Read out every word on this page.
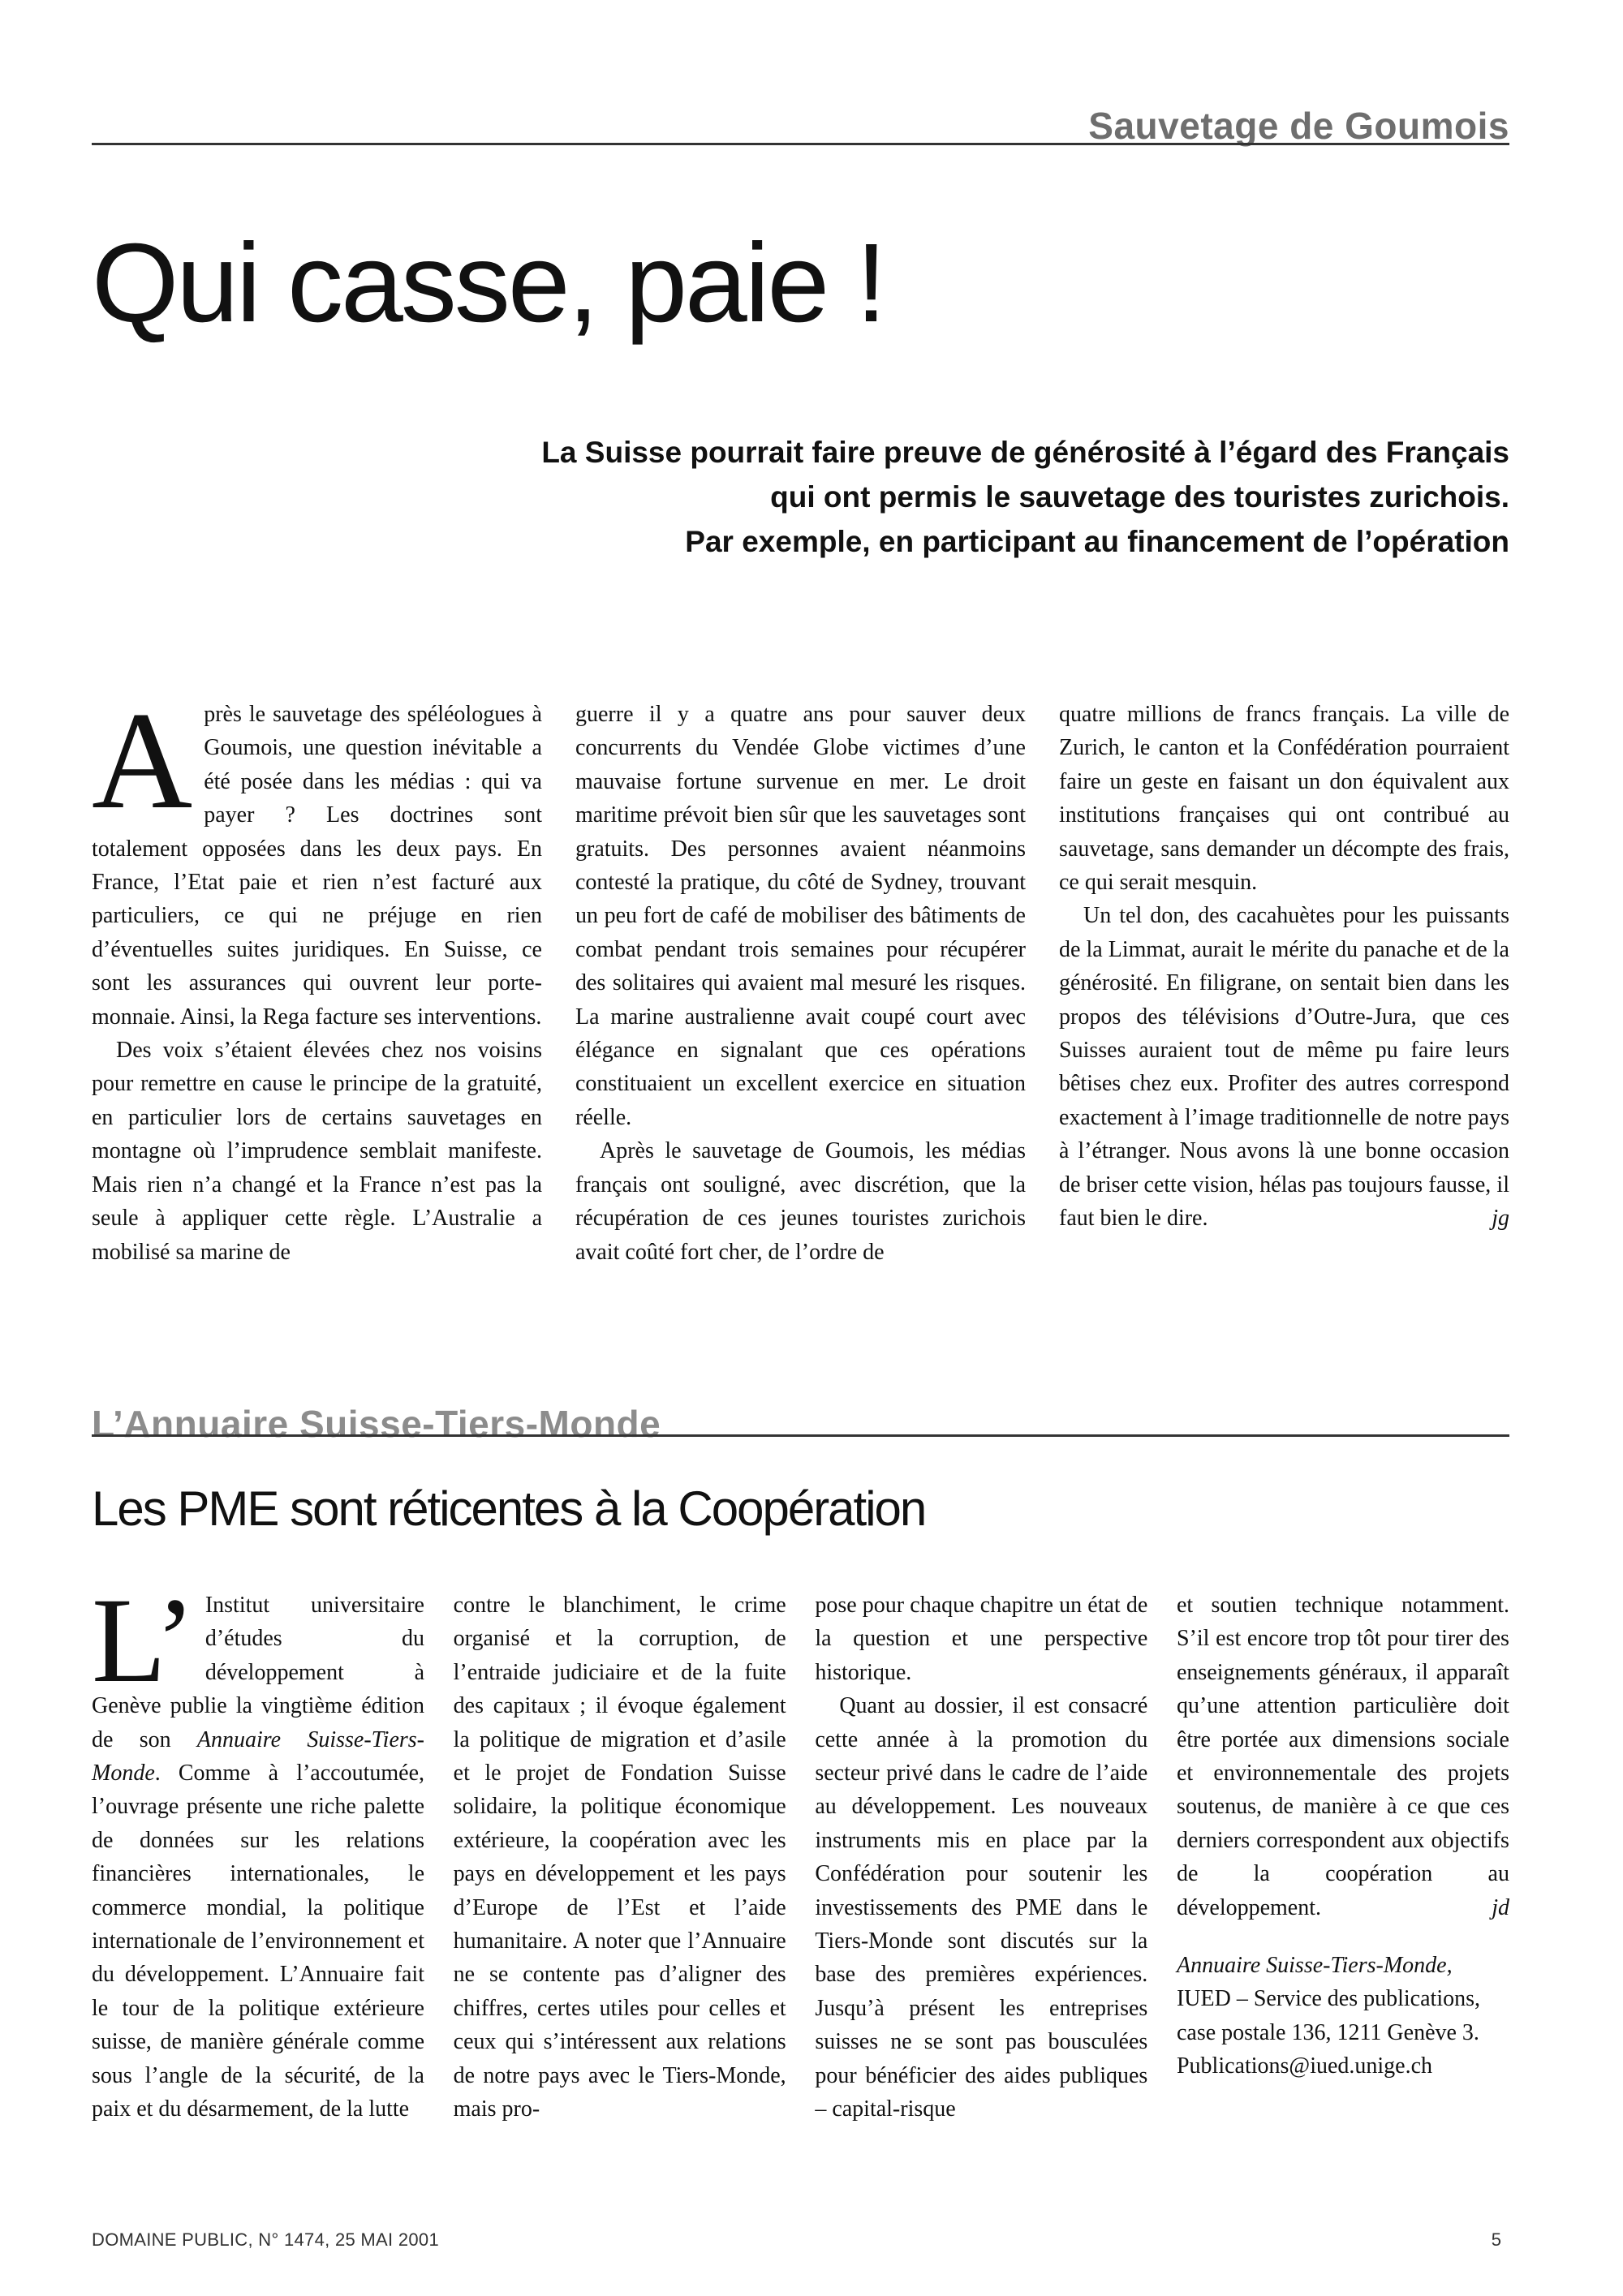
Sauvetage de Goumois
Qui casse, paie !
La Suisse pourrait faire preuve de générosité à l’égard des Français
qui ont permis le sauvetage des touristes zurichois.
Par exemple, en participant au financement de l’opération

Après le sauvetage des spéléologues à Goumois, une question inévitable a été posée dans les médias : qui va payer ? Les doctrines sont totalement opposées dans les deux pays. En France, l’Etat paie et rien n’est facturé aux particuliers, ce qui ne préjuge en rien d’éventuelles suites juridiques. En Suisse, ce sont les assurances qui ouvrent leur porte-monnaie. Ainsi, la Rega facture ses interventions.

Des voix s’étaient élevées chez nos voisins pour remettre en cause le principe de la gratuité, en particulier lors de certains sauvetages en montagne où l’imprudence semblait manifeste. Mais rien n’a changé et la France n’est pas la seule à appliquer cette règle. L’Australie a mobilisé sa marine de

guerre il y a quatre ans pour sauver deux concurrents du Vendée Globe victimes d’une mauvaise fortune survenue en mer. Le droit maritime prévoit bien sûr que les sauvetages sont gratuits. Des personnes avaient néanmoins contesté la pratique, du côté de Sydney, trouvant un peu fort de café de mobiliser des bâtiments de combat pendant trois semaines pour récupérer des solitaires qui avaient mal mesuré les risques. La marine australienne avait coupé court avec élégance en signalant que ces opérations constituaient un excellent exercice en situation réelle.

Après le sauvetage de Goumois, les médias français ont souligné, avec discrétion, que la récupération de ces jeunes touristes zurichois avait coûté fort cher, de l’ordre de

quatre millions de francs français. La ville de Zurich, le canton et la Confédération pourraient faire un geste en faisant un don équivalent aux institutions françaises qui ont contribué au sauvetage, sans demander un décompte des frais, ce qui serait mesquin.

Un tel don, des cacahuètes pour les puissants de la Limmat, aurait le mérite du panache et de la générosité. En filigrane, on sentait bien dans les propos des télévisions d’Outre-Jura, que ces Suisses auraient tout de même pu faire leurs bêtises chez eux. Profiter des autres correspond exactement à l’image traditionnelle de notre pays à l’étranger. Nous avons là une bonne occasion de briser cette vision, hélas pas toujours fausse, il faut bien le dire.	jg

L’Annuaire Suisse-Tiers-Monde
Les PME sont réticentes à la Coopération

L’ Institut universitaire d’études du développement à Genève publie la vingtième édition de son Annuaire Suisse-Tiers-Monde. Comme à l’accoutumée, l’ouvrage présente une riche palette de données sur les relations financières internationales, le commerce mondial, la politique internationale de l’environnement et du développement. L’Annuaire fait le tour de la politique extérieure suisse, de manière générale comme sous l’angle de la sécurité, de la paix et du désarmement, de la lutte

contre le blanchiment, le crime organisé et la corruption, de l’entraide judiciaire et de la fuite des capitaux ; il évoque également la politique de migration et d’asile et le projet de Fondation Suisse solidaire, la politique économique extérieure, la coopération avec les pays en développement et les pays d’Europe de l’Est et l’aide humanitaire. A noter que l’Annuaire ne se contente pas d’aligner des chiffres, certes utiles pour celles et ceux qui s’intéressent aux relations de notre pays avec le Tiers-Monde, mais pro-

pose pour chaque chapitre un état de la question et une perspective historique.

Quant au dossier, il est consacré cette année à la promotion du secteur privé dans le cadre de l’aide au développement. Les nouveaux instruments mis en place par la Confédération pour soutenir les investissements des PME dans le Tiers-Monde sont discutés sur la base des premières expériences. Jusqu’à présent les entreprises suisses ne se sont pas bousculées pour bénéficier des aides publiques – capital-risque

et soutien technique notamment. S’il est encore trop tôt pour tirer des enseignements généraux, il apparaît qu’une attention particulière doit être portée aux dimensions sociale et environnementale des projets soutenus, de manière à ce que ces derniers correspondent aux objectifs de la coopération au développement.	jd

Annuaire Suisse-Tiers-Monde, IUED – Service des publications, case postale 136, 1211 Genève 3.

Publications@iued.unige.ch

DOMAINE PUBLIC, N° 1474, 25 MAI 2001	5
